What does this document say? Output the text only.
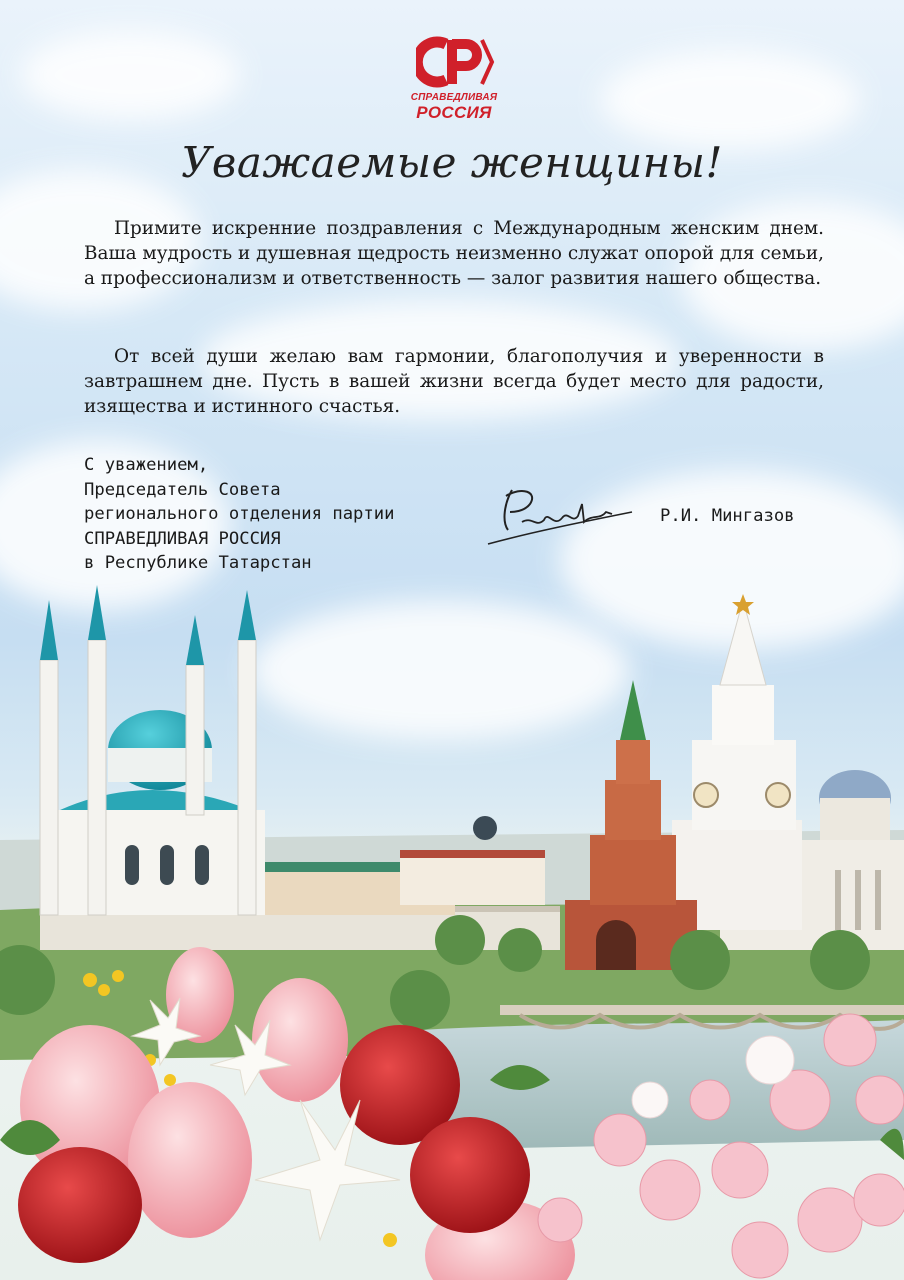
СПРАВЕДЛИВАЯ
РОССИЯ
Уважаемые женщины!

Примите искренние поздравления с Международным женским днем. Ваша мудрость и душевная щедрость неизменно служат опорой для семьи, а профессионализм и ответственность — залог развития нашего общества.

От всей души желаю вам гармонии, благополучия и уверенности в завтрашнем дне. Пусть в вашей жизни всегда будет место для радости, изящества и истинного счастья.

С уважением,
Председатель Совета
регионального отделения партии
СПРАВЕДЛИВАЯ РОССИЯ
в Республике Татарстан
Р.И. Мингазов
